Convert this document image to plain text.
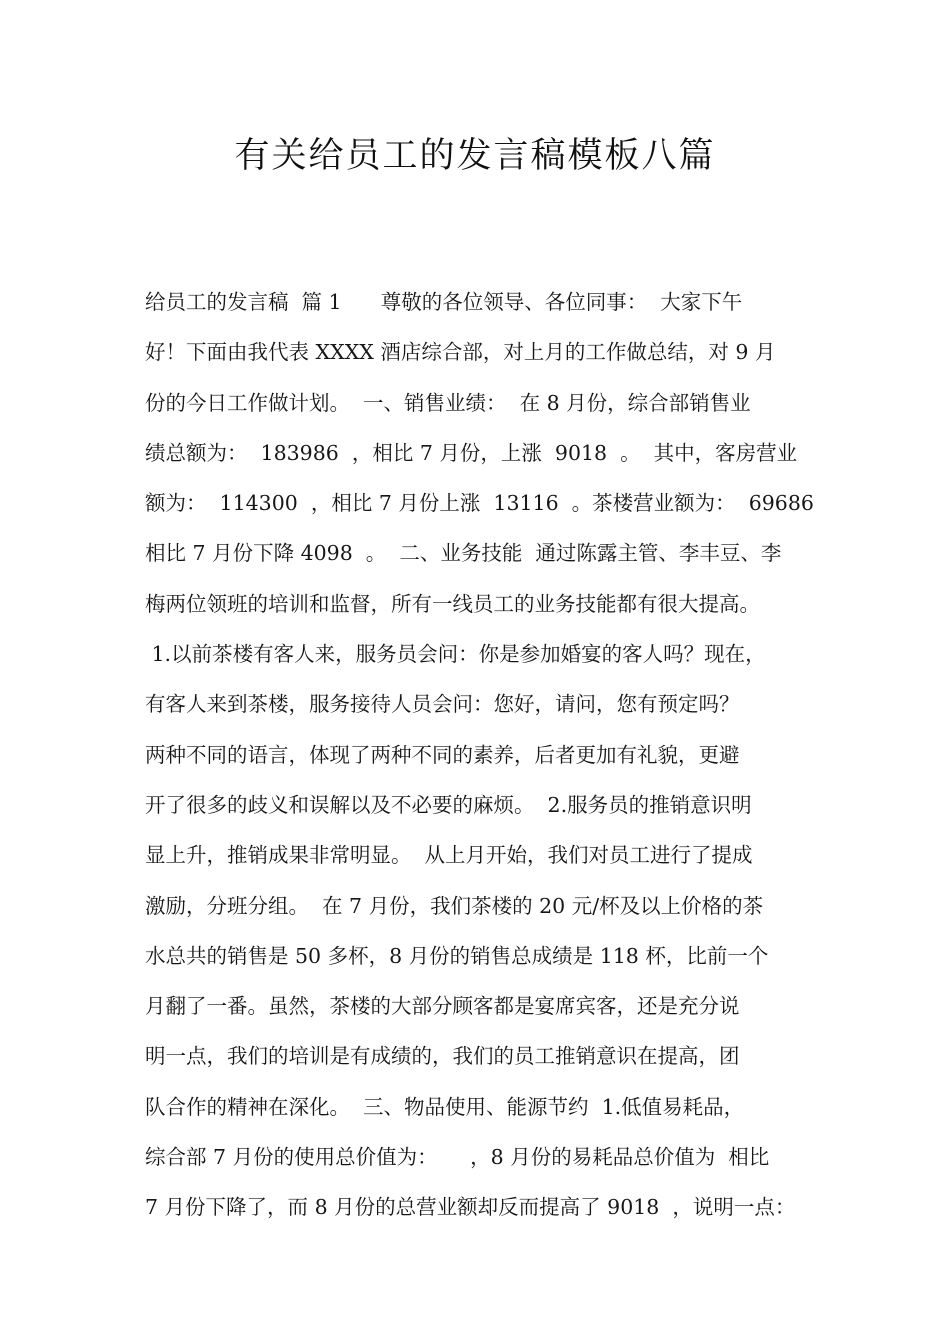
有关给员工的发言稿模板八篇
给员工的发言稿  篇 1      尊敬的各位领导、各位同事：  大家下午
好！下面由我代表 XXXX 酒店综合部，对上月的工作做总结，对 9 月
份的今日工作做计划。  一、销售业绩：  在 8 月份，综合部销售业
绩总额为：  183986  ，相比 7 月份，上涨  9018  。  其中，客房营业
额为：  114300  ，相比 7 月份上涨  13116  。茶楼营业额为：  69686
相比 7 月份下降 4098  。  二、业务技能  通过陈露主管、李丰豆、李
梅两位领班的培训和监督，所有一线员工的业务技能都有很大提高。
1.以前茶楼有客人来，服务员会问：你是参加婚宴的客人吗？现在，
有客人来到茶楼，服务接待人员会问：您好，请问，您有预定吗？
两种不同的语言，体现了两种不同的素养，后者更加有礼貌，更避
开了很多的歧义和误解以及不必要的麻烦。  2.服务员的推销意识明
显上升，推销成果非常明显。  从上月开始，我们对员工进行了提成
激励，分班分组。  在 7 月份，我们茶楼的 20 元/杯及以上价格的茶
水总共的销售是 50 多杯，8 月份的销售总成绩是 118 杯，比前一个
月翻了一番。虽然，茶楼的大部分顾客都是宴席宾客，还是充分说
明一点，我们的培训是有成绩的，我们的员工推销意识在提高，团
队合作的精神在深化。  三、物品使用、能源节约  1.低值易耗品，
综合部 7 月份的使用总价值为：     ，8 月份的易耗品总价值为  相比
7 月份下降了，而 8 月份的总营业额却反而提高了 9018  ，说明一点：
